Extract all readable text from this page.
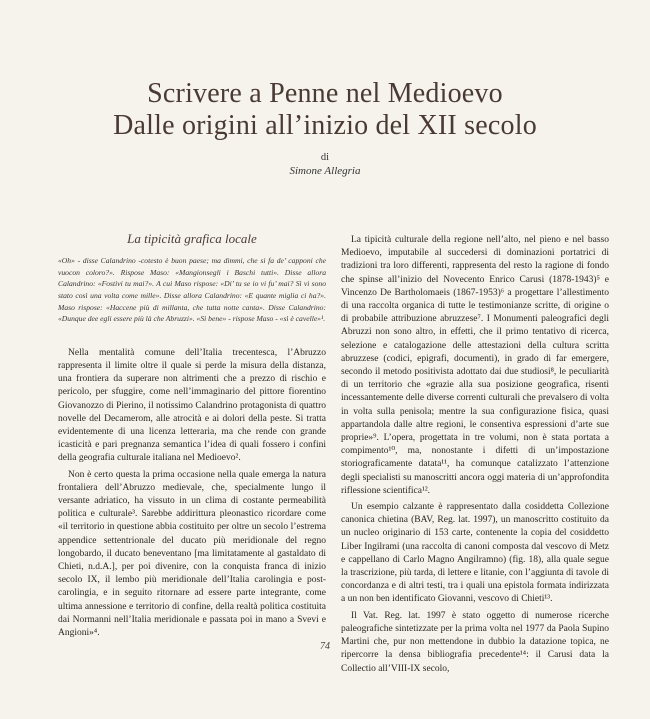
Scrivere a Penne nel Medioevo
Dalle origini all’inizio del XII secolo
di
Simone Allegria
La tipicità grafica locale
«Oh» - disse Calandrino -cotesto è buon paese; ma dimmi, che si fa de’ capponi che vuocon coloro?». Rispose Maso: «Mangionsegli i Baschi tutti». Disse allora Calandrino: «Fostivi tu mai?». A cui Maso rispose: «Di’ tu se io vi fu’ mai? Sì vi sono stato così una volta come mille». Disse allora Calandrino: «E quante miglia ci ha?». Maso rispose: «Haccene più di millanta, che tutta notte canta». Disse Calandrino: «Dunque dee egli essere più là che Abruzzi». «Sì bene» - rispose Maso - «sì è cavelle»¹.

Nella mentalità comune dell’Italia trecentesca, l’Abruzzo rappresenta il limite oltre il quale si perde la misura della distanza, una frontiera da superare non altrimenti che a prezzo di rischio e pericolo, per sfuggire, come nell’immaginario del pittore fiorentino Giovanozzo di Pierino, il notissimo Calandrino protagonista di quattro novelle del Decamerom, alle atrocità e ai dolori della peste. Si tratta evidentemente di una licenza letteraria, ma che rende con grande icasticità e pari pregnanza semantica l’idea di quali fossero i confini della geografia culturale italiana nel Medioevo².

Non è certo questa la prima occasione nella quale emerga la natura frontaliera dell’Abruzzo medievale, che, specialmente lungo il versante adriatico, ha vissuto in un clima di costante permeabilità politica e culturale³. Sarebbe addirittura pleonastico ricordare come «il territorio in questione abbia costituito per oltre un secolo l’estrema appendice settentrionale del ducato più meridionale del regno longobardo, il ducato beneventano [ma limitatamente al gastaldato di Chieti, n.d.A.], per poi divenire, con la conquista franca di inizio secolo IX, il lembo più meridionale dell’Italia carolingia e post-carolingia, e in seguito ritornare ad essere parte integrante, come ultima annessione e territorio di confine, della realtà politica costituita dai Normanni nell’Italia meridionale e passata poi in mano a Svevi e Angioni»⁴.

La tipicità culturale della regione nell’alto, nel pieno e nel basso Medioevo, imputabile al succedersi di dominazioni portatrici di tradizioni tra loro differenti, rappresenta del resto la ragione di fondo che spinse all’inizio del Novecento Enrico Carusi (1878-1943)⁵ e Vincenzo De Bartholomaeis (1867-1953)⁶ a progettare l’allestimento di una raccolta organica di tutte le testimonianze scritte, di origine o di probabile attribuzione abruzzese⁷. I Monumenti paleografici degli Abruzzi non sono altro, in effetti, che il primo tentativo di ricerca, selezione e catalogazione delle attestazioni della cultura scritta abruzzese (codici, epigrafi, documenti), in grado di far emergere, secondo il metodo positivista adottato dai due studiosi⁸, le peculiarità di un territorio che «grazie alla sua posizione geografica, risentì incessantemente delle diverse correnti culturali che prevalsero di volta in volta sulla penisola; mentre la sua configurazione fisica, quasi appartandola dalle altre regioni, le consentiva espressioni d’arte sue proprie»⁹. L’opera, progettata in tre volumi, non è stata portata a compimento¹⁰, ma, nonostante i difetti di un’impostazione storiograficamente datata¹¹, ha comunque catalizzato l’attenzione degli specialisti su manoscritti ancora oggi materia di un’approfondita riflessione scientifica¹².

Un esempio calzante è rappresentato dalla cosiddetta Collezione canonica chietina (BAV, Reg. lat. 1997), un manoscritto costituito da un nucleo originario di 153 carte, contenente la copia del cosiddetto Liber Ingilrami (una raccolta di canoni composta dal vescovo di Metz e cappellano di Carlo Magno Angilramno) (fig. 18), alla quale segue la trascrizione, più tarda, di lettere e litanie, con l’aggiunta di tavole di concordanza e di altri testi, tra i quali una epistola formata indirizzata a un non ben identificato Giovanni, vescovo di Chieti¹³.

Il Vat. Reg. lat. 1997 è stato oggetto di numerose ricerche paleografiche sintetizzate per la prima volta nel 1977 da Paola Supino Martini che, pur non mettendone in dubbio la datazione topica, ne ripercorre la densa bibliografia precedente¹⁴: il Carusi data la Collectio all’VIII-IX secolo,

74
